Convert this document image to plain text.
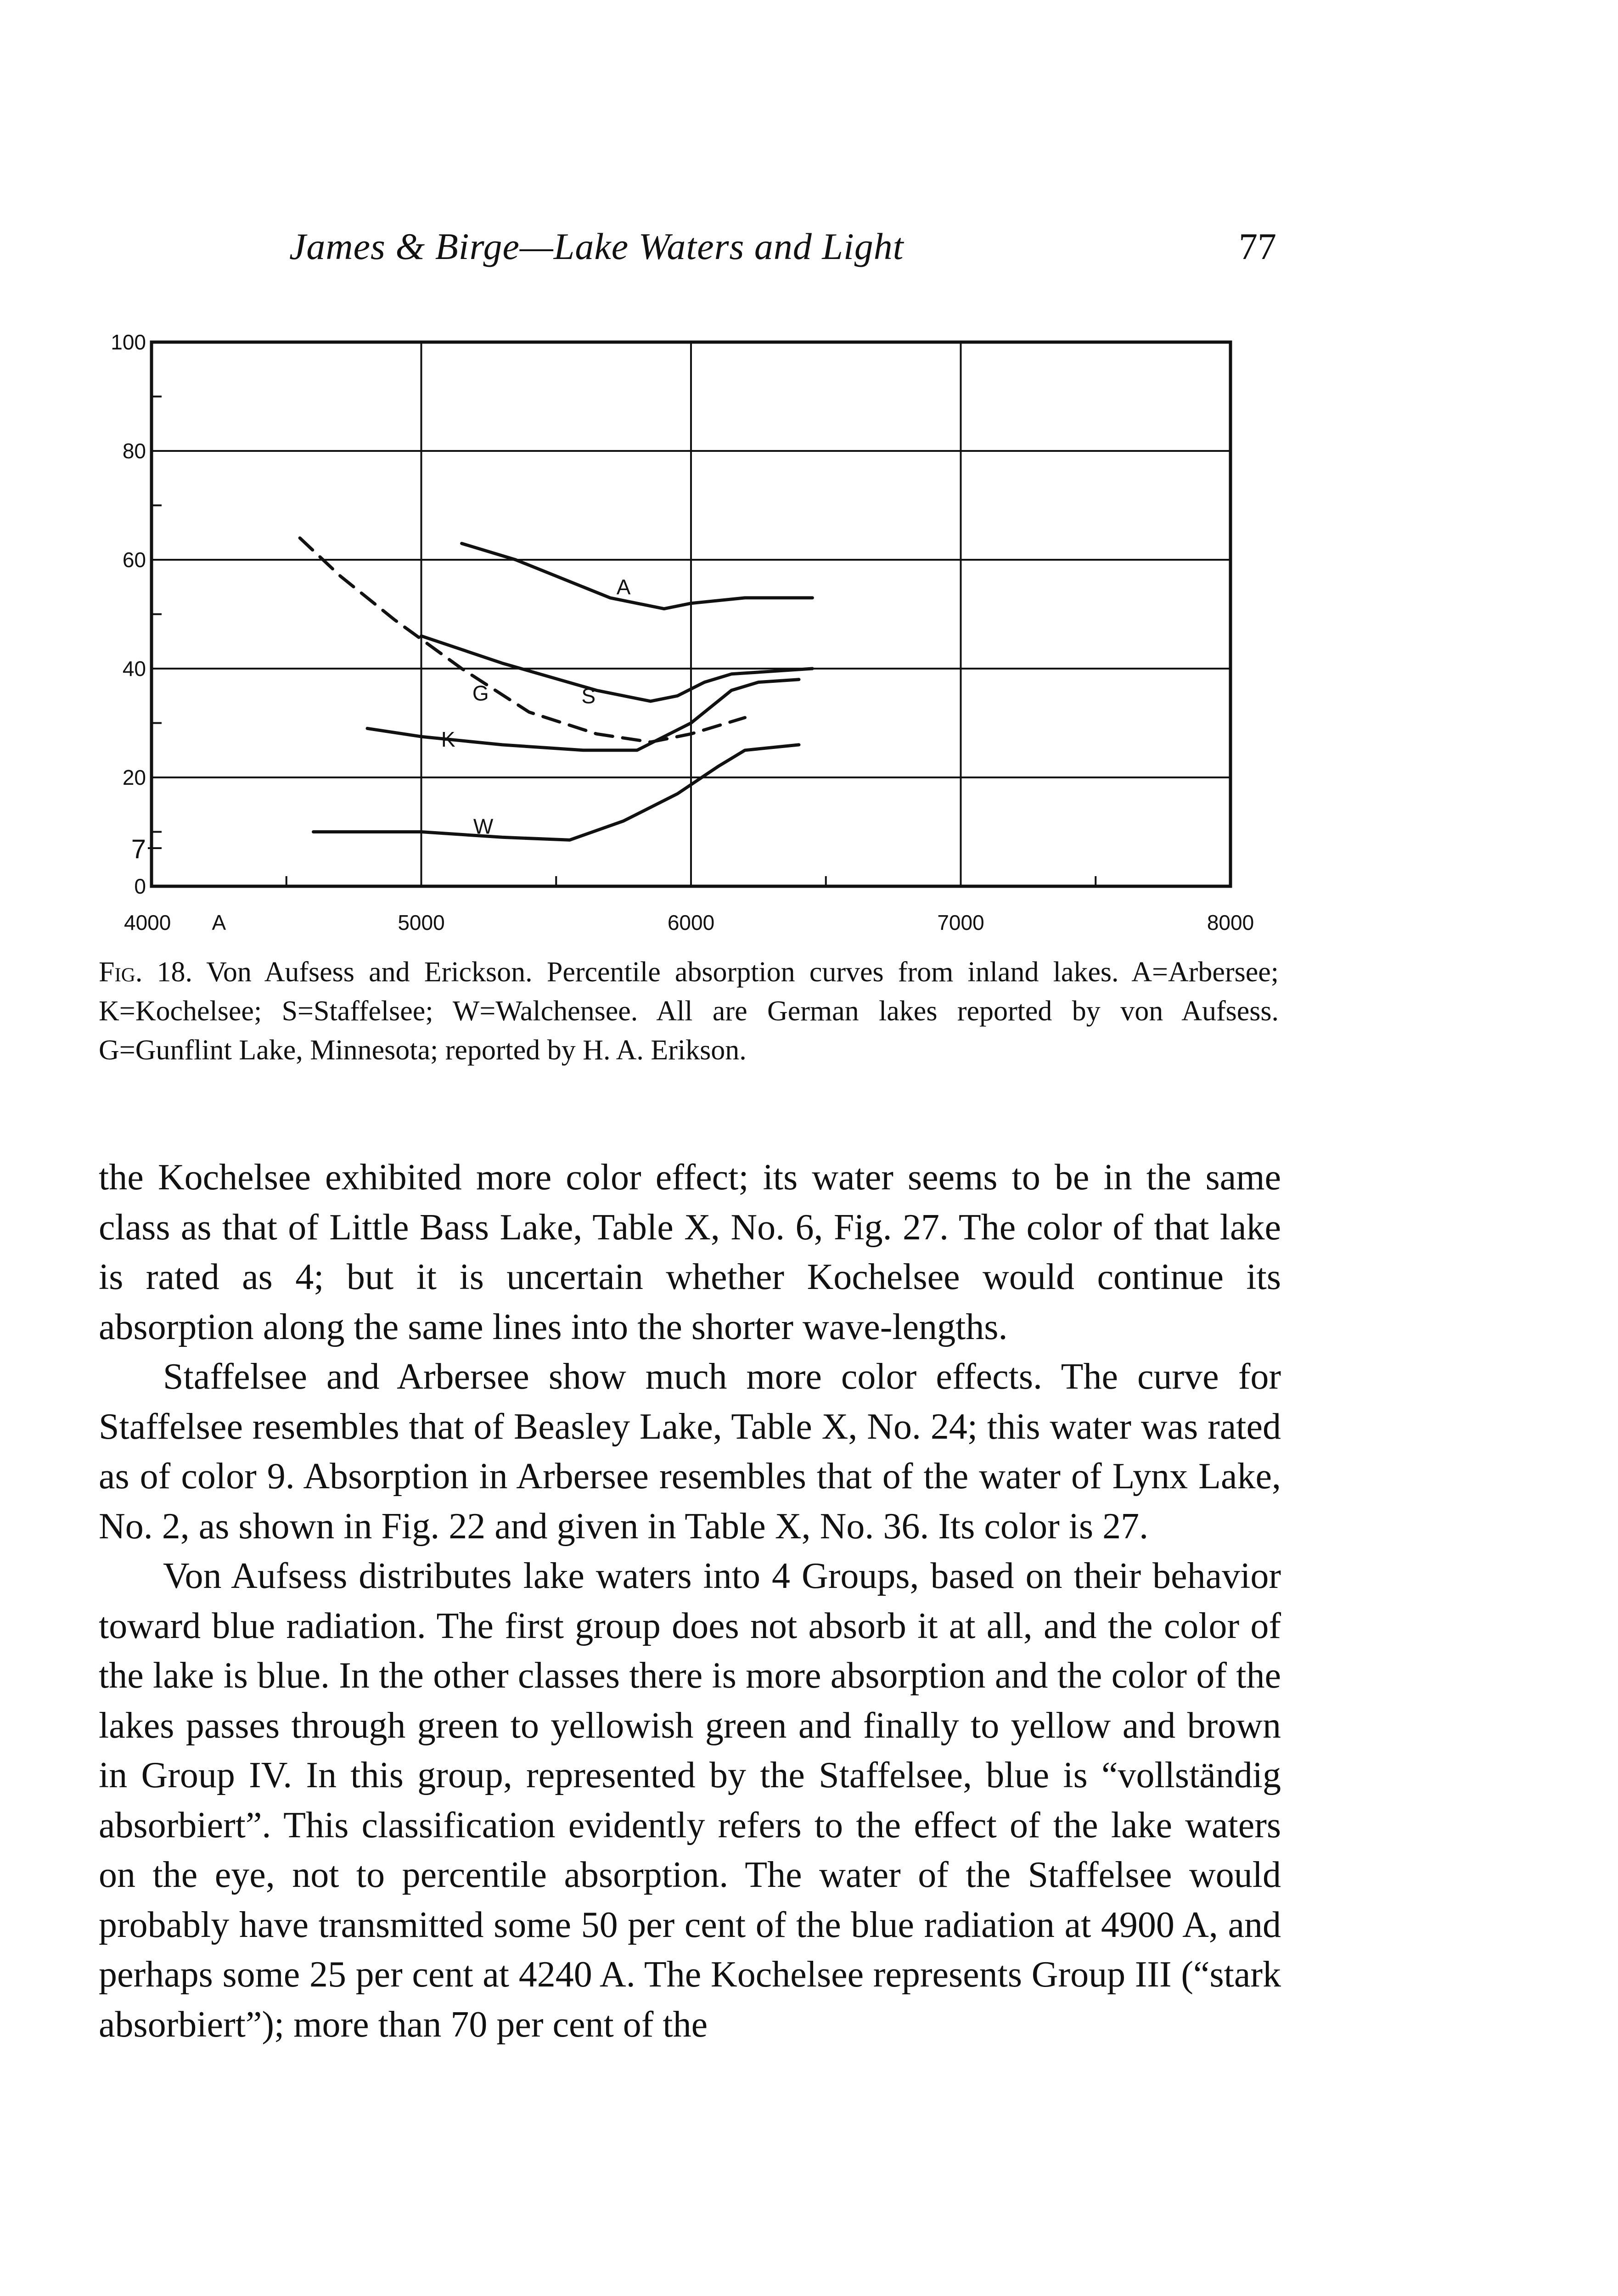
James & Birge—Lake Waters and Light	77
0
20
40
60
80
100
4000	5000	6000	7000	8000
A
7
A
S
G
K
W
Fig. 18. Von Aufsess and Erickson. Percentile absorption curves from inland lakes. A=Arbersee; K=Kochelsee; S=Staffelsee; W=Walchensee. All are German lakes reported by von Aufsess. G=Gunflint Lake, Minnesota; reported by H. A. Erikson.

the Kochelsee exhibited more color effect; its water seems to be in the same class as that of Little Bass Lake, Table X, No. 6, Fig. 27. The color of that lake is rated as 4; but it is uncertain whether Kochelsee would continue its absorption along the same lines into the shorter wave-lengths.

Staffelsee and Arbersee show much more color effects. The curve for Staffelsee resembles that of Beasley Lake, Table X, No. 24; this water was rated as of color 9. Absorption in Arbersee resembles that of the water of Lynx Lake, No. 2, as shown in Fig. 22 and given in Table X, No. 36. Its color is 27.

Von Aufsess distributes lake waters into 4 Groups, based on their behavior toward blue radiation. The first group does not absorb it at all, and the color of the lake is blue. In the other classes there is more absorption and the color of the lakes passes through green to yellowish green and finally to yellow and brown in Group IV. In this group, represented by the Staffelsee, blue is “vollständig absorbiert”. This classification evidently refers to the effect of the lake waters on the eye, not to percentile absorption. The water of the Staffelsee would probably have transmitted some 50 per cent of the blue radiation at 4900 A, and perhaps some 25 per cent at 4240 A. The Kochelsee represents Group III (“stark absorbiert”); more than 70 per cent of the
